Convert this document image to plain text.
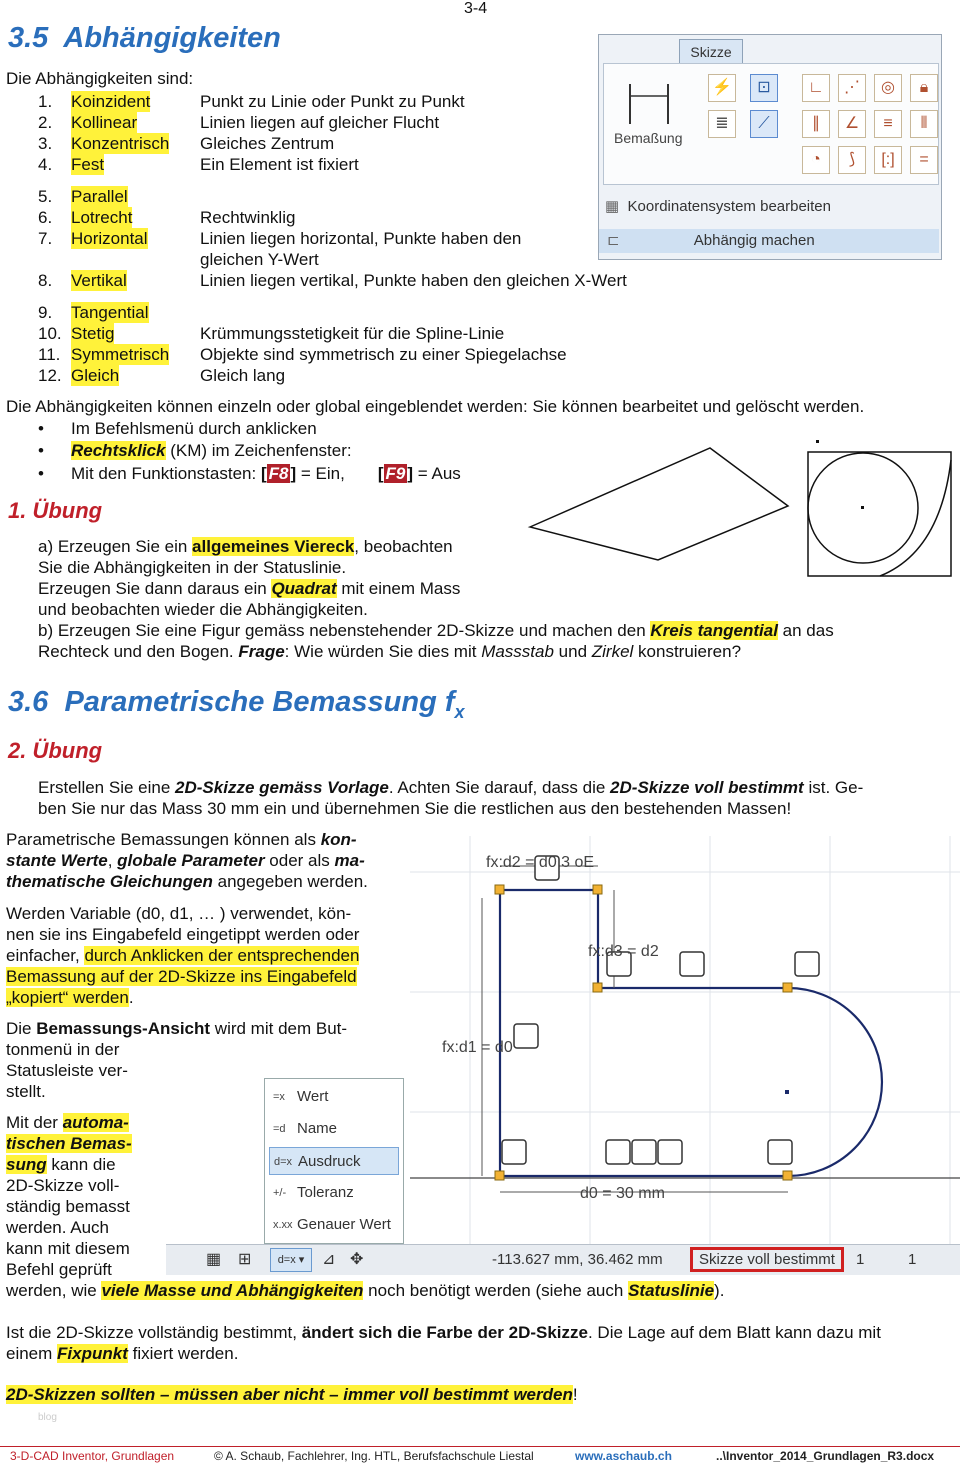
3-4
3.5 Abhängigkeiten
Die Abhängigkeiten sind:
1. Koinzident	Punkt zu Linie oder Punkt zu Punkt
2. Kollinear	Linien liegen auf gleicher Flucht
3. Konzentrisch Gleiches Zentrum
4. Fest	Ein Element ist fixiert
5. Parallel
6. Lotrecht	Rechtwinklig
7. Horizontal	Linien liegen horizontal, Punkte haben den
gleichen Y-Wert
8. Vertikal	Linien liegen vertikal, Punkte haben den gleichen X-Wert
9. Tangential
10. Stetig	Krümmungsstetigkeit für die Spline-Linie
11. Symmetrisch Objekte sind symmetrisch zu einer Spiegelachse
12. Gleich	Gleich lang
Skizze
Bemaßung
⚡	⊡
≣	⟋
∟	⋰	◎	🔒︎
∥	∠	≡	⦀
◔	⟆	[:]	=
▦ Koordinatensystem bearbeiten
⊏	Abhängig machen
Die Abhängigkeiten können einzeln oder global eingeblendet werden: Sie können bearbeitet und gelöscht werden.
• Im Befehlsmenü durch anklicken
• Rechtsklick (KM) im Zeichenfenster:
• Mit den Funktionstasten: [ F8 ] = Ein, [ F9 ] = Aus
1. Übung
a) Erzeugen Sie ein allgemeines Viereck, beobachten
Sie die Abhängigkeiten in der Statuslinie.
Erzeugen Sie dann daraus ein Quadrat mit einem Mass
und beobachten wieder die Abhängigkeiten.
b) Erzeugen Sie eine Figur gemäss nebenstehender 2D-Skizze und machen den Kreis tangential an das
Rechteck und den Bogen. Frage: Wie würden Sie dies mit Massstab und Zirkel konstruieren?
3.6 Parametrische Bemassung $f_x$
2. Übung
Erstellen Sie eine 2D-Skizze gemäss Vorlage. Achten Sie darauf, dass die 2D-Skizze voll bestimmt ist. Ge-
ben Sie nur das Mass 30 mm ein und übernehmen Sie die restlichen aus den bestehenden Massen!
Parametrische Bemassungen können als kon-
stante Werte, globale Parameter oder als ma-
thematische Gleichungen angegeben werden.
Werden Variable (d0, d1, … ) verwendet, kön-
nen sie ins Eingabefeld eingetippt werden oder
einfacher, durch Anklicken der entsprechenden
Bemassung auf der 2D-Skizze ins Eingabefeld
„kopiert“ werden.
Die Bemassungs-Ansicht wird mit dem But-
tonmenü in der
Statusleiste ver-
stellt.
Mit der automa-
tischen Bemas-
sung kann die
2D-Skizze voll-
ständig bemasst
werden. Auch
kann mit diesem
Befehl geprüft
fx:d2 = d0 3 oE
fx:d3 = d2
fx:d1 = d0
d0 = 30 mm
=x Wert
=d Name
d=x Ausdruck
+/- Toleranz
x.xx Genauer Wert
▦ ⊞	d=x ▾	⊿ ✥	-113.627 mm, 36.462 mm	Skizze voll bestimmt	1	1
werden, wie viele Masse und Abhängigkeiten noch benötigt werden (siehe auch Statuslinie).
Ist die 2D-Skizze vollständig bestimmt, ändert sich die Farbe der 2D-Skizze. Die Lage auf dem Blatt kann dazu mit
einem Fixpunkt fixiert werden.
2D-Skizzen sollten – müssen aber nicht – immer voll bestimmt werden!
blog
3-D-CAD Inventor, Grundlagen	© A. Schaub, Fachlehrer, Ing. HTL, Berufsfachschule Liestal	www.aschaub.ch	..\Inventor_2014_Grundlagen_R3.docx
